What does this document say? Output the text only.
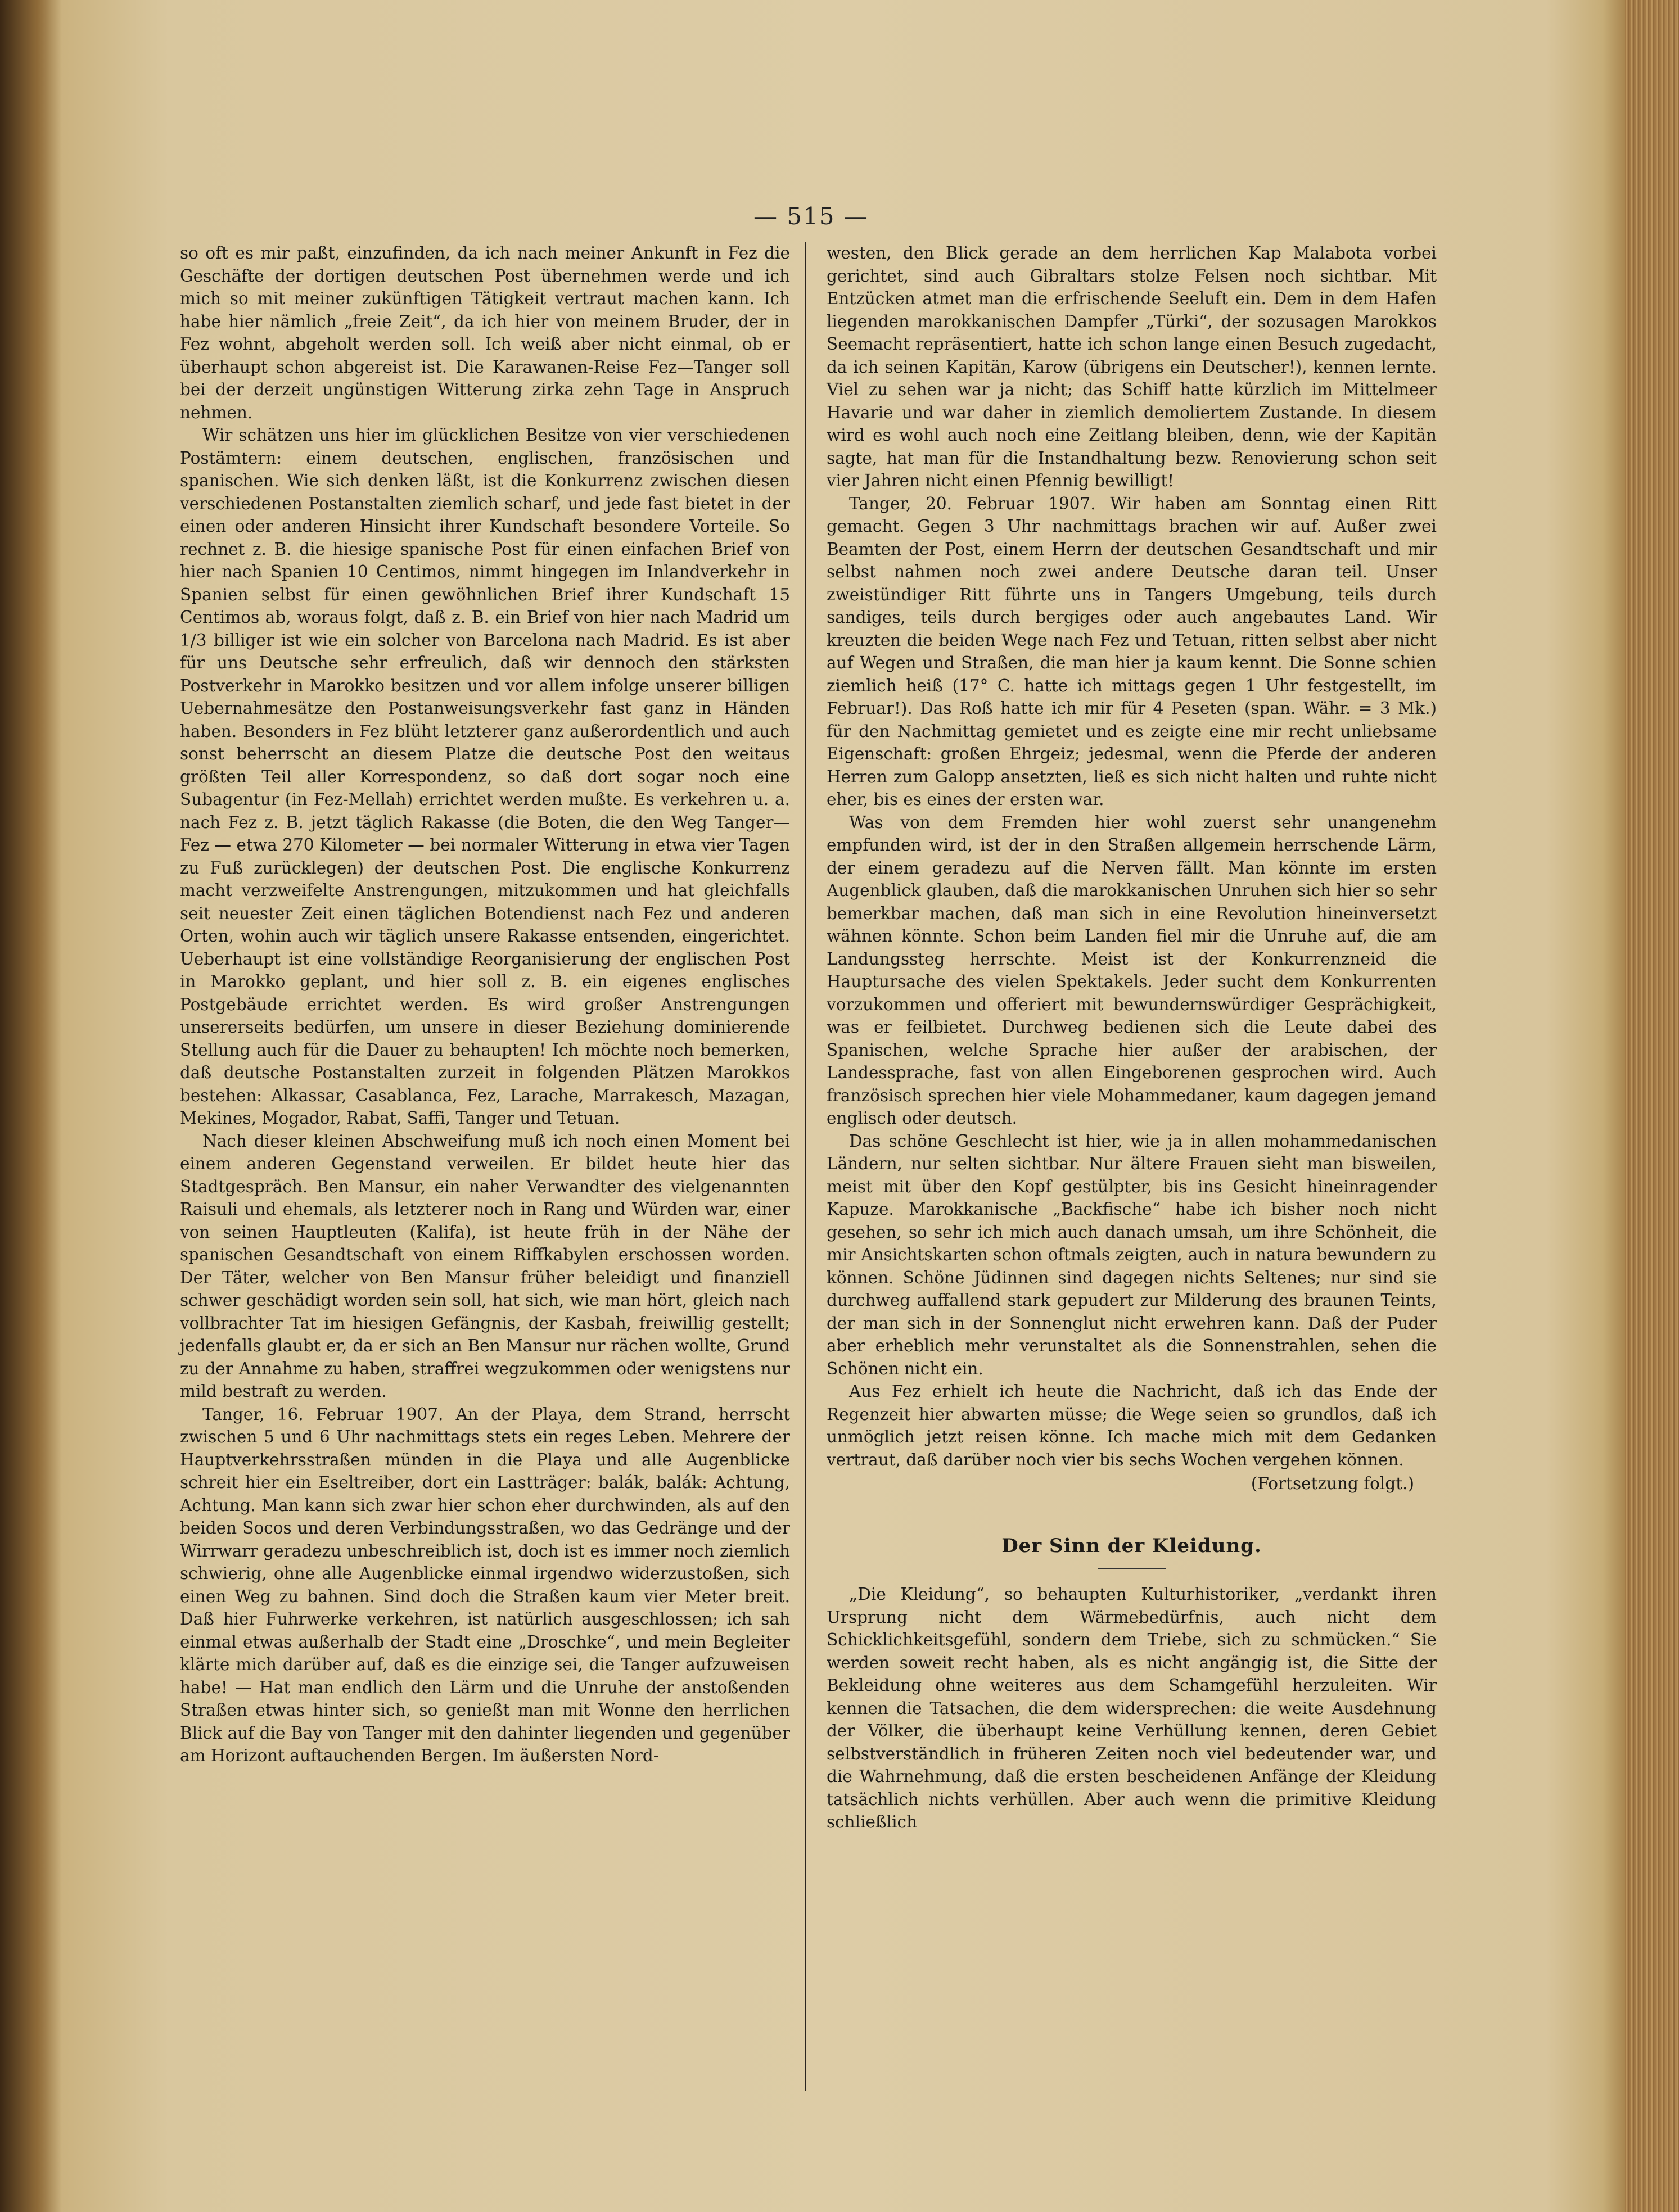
— 515 —

so oft es mir paßt, einzufinden, da ich nach meiner Ankunft in Fez die Geschäfte der dortigen deutschen Post übernehmen werde und ich mich so mit meiner zukünftigen Tätigkeit vertraut machen kann. Ich habe hier nämlich „freie Zeit“, da ich hier von meinem Bruder, der in Fez wohnt, abgeholt werden soll. Ich weiß aber nicht einmal, ob er überhaupt schon abgereist ist. Die Karawanen-Reise Fez—Tanger soll bei der derzeit ungünstigen Witterung zirka zehn Tage in Anspruch nehmen.

Wir schätzen uns hier im glücklichen Besitze von vier verschiedenen Postämtern: einem deutschen, englischen, französischen und spanischen. Wie sich denken läßt, ist die Konkurrenz zwischen diesen verschiedenen Postanstalten ziemlich scharf, und jede fast bietet in der einen oder anderen Hinsicht ihrer Kundschaft besondere Vorteile. So rechnet z. B. die hiesige spanische Post für einen einfachen Brief von hier nach Spanien 10 Centimos, nimmt hingegen im Inlandverkehr in Spanien selbst für einen gewöhnlichen Brief ihrer Kundschaft 15 Centimos ab, woraus folgt, daß z. B. ein Brief von hier nach Madrid um 1/3 billiger ist wie ein solcher von Barcelona nach Madrid. Es ist aber für uns Deutsche sehr erfreulich, daß wir dennoch den stärksten Postverkehr in Marokko besitzen und vor allem infolge unserer billigen Uebernahmesätze den Postanweisungsverkehr fast ganz in Händen haben. Besonders in Fez blüht letzterer ganz außerordentlich und auch sonst beherrscht an diesem Platze die deutsche Post den weitaus größten Teil aller Korrespondenz, so daß dort sogar noch eine Subagentur (in Fez-Mellah) errichtet werden mußte. Es verkehren u. a. nach Fez z. B. jetzt täglich Rakasse (die Boten, die den Weg Tanger—Fez — etwa 270 Kilometer — bei normaler Witterung in etwa vier Tagen zu Fuß zurücklegen) der deutschen Post. Die englische Konkurrenz macht verzweifelte Anstrengungen, mitzukommen und hat gleichfalls seit neuester Zeit einen täglichen Botendienst nach Fez und anderen Orten, wohin auch wir täglich unsere Rakasse entsenden, eingerichtet. Ueberhaupt ist eine vollständige Reorganisierung der englischen Post in Marokko geplant, und hier soll z. B. ein eigenes englisches Postgebäude errichtet werden. Es wird großer Anstrengungen unsererseits bedürfen, um unsere in dieser Beziehung dominierende Stellung auch für die Dauer zu behaupten! Ich möchte noch bemerken, daß deutsche Postanstalten zurzeit in folgenden Plätzen Marokkos bestehen: Alkassar, Casablanca, Fez, Larache, Marrakesch, Mazagan, Mekines, Mogador, Rabat, Saffi, Tanger und Tetuan.

Nach dieser kleinen Abschweifung muß ich noch einen Moment bei einem anderen Gegenstand verweilen. Er bildet heute hier das Stadtgespräch. Ben Mansur, ein naher Verwandter des vielgenannten Raisuli und ehemals, als letzterer noch in Rang und Würden war, einer von seinen Hauptleuten (Kalifa), ist heute früh in der Nähe der spanischen Gesandtschaft von einem Riffkabylen erschossen worden. Der Täter, welcher von Ben Mansur früher beleidigt und finanziell schwer geschädigt worden sein soll, hat sich, wie man hört, gleich nach vollbrachter Tat im hiesigen Gefängnis, der Kasbah, freiwillig gestellt; jedenfalls glaubt er, da er sich an Ben Mansur nur rächen wollte, Grund zu der Annahme zu haben, straffrei wegzukommen oder wenigstens nur mild bestraft zu werden.

Tanger, 16. Februar 1907. An der Playa, dem Strand, herrscht zwischen 5 und 6 Uhr nachmittags stets ein reges Leben. Mehrere der Hauptverkehrsstraßen münden in die Playa und alle Augenblicke schreit hier ein Eseltreiber, dort ein Lastträger: balák, balák: Achtung, Achtung. Man kann sich zwar hier schon eher durchwinden, als auf den beiden Socos und deren Verbindungsstraßen, wo das Gedränge und der Wirrwarr geradezu unbeschreiblich ist, doch ist es immer noch ziemlich schwierig, ohne alle Augenblicke einmal irgendwo widerzustoßen, sich einen Weg zu bahnen. Sind doch die Straßen kaum vier Meter breit. Daß hier Fuhrwerke verkehren, ist natürlich ausgeschlossen; ich sah einmal etwas außerhalb der Stadt eine „Droschke“, und mein Begleiter klärte mich darüber auf, daß es die einzige sei, die Tanger aufzuweisen habe! — Hat man endlich den Lärm und die Unruhe der anstoßenden Straßen etwas hinter sich, so genießt man mit Wonne den herrlichen Blick auf die Bay von Tanger mit den dahinter liegenden und gegenüber am Horizont auftauchenden Bergen. Im äußersten Nord-

westen, den Blick gerade an dem herrlichen Kap Malabota vorbei gerichtet, sind auch Gibraltars stolze Felsen noch sichtbar. Mit Entzücken atmet man die erfrischende Seeluft ein. Dem in dem Hafen liegenden marokkanischen Dampfer „Türki“, der sozusagen Marokkos Seemacht repräsentiert, hatte ich schon lange einen Besuch zugedacht, da ich seinen Kapitän, Karow (übrigens ein Deutscher!), kennen lernte. Viel zu sehen war ja nicht; das Schiff hatte kürzlich im Mittelmeer Havarie und war daher in ziemlich demoliertem Zustande. In diesem wird es wohl auch noch eine Zeitlang bleiben, denn, wie der Kapitän sagte, hat man für die Instandhaltung bezw. Renovierung schon seit vier Jahren nicht einen Pfennig bewilligt!

Tanger, 20. Februar 1907. Wir haben am Sonntag einen Ritt gemacht. Gegen 3 Uhr nachmittags brachen wir auf. Außer zwei Beamten der Post, einem Herrn der deutschen Gesandtschaft und mir selbst nahmen noch zwei andere Deutsche daran teil. Unser zweistündiger Ritt führte uns in Tangers Umgebung, teils durch sandiges, teils durch bergiges oder auch angebautes Land. Wir kreuzten die beiden Wege nach Fez und Tetuan, ritten selbst aber nicht auf Wegen und Straßen, die man hier ja kaum kennt. Die Sonne schien ziemlich heiß (17° C. hatte ich mittags gegen 1 Uhr festgestellt, im Februar!). Das Roß hatte ich mir für 4 Peseten (span. Währ. = 3 Mk.) für den Nachmittag gemietet und es zeigte eine mir recht unliebsame Eigenschaft: großen Ehrgeiz; jedesmal, wenn die Pferde der anderen Herren zum Galopp ansetzten, ließ es sich nicht halten und ruhte nicht eher, bis es eines der ersten war.

Was von dem Fremden hier wohl zuerst sehr unangenehm empfunden wird, ist der in den Straßen allgemein herrschende Lärm, der einem geradezu auf die Nerven fällt. Man könnte im ersten Augenblick glauben, daß die marokkanischen Unruhen sich hier so sehr bemerkbar machen, daß man sich in eine Revolution hineinversetzt wähnen könnte. Schon beim Landen fiel mir die Unruhe auf, die am Landungssteg herrschte. Meist ist der Konkurrenzneid die Hauptursache des vielen Spektakels. Jeder sucht dem Konkurrenten vorzukommen und offeriert mit bewundernswürdiger Gesprächigkeit, was er feilbietet. Durchweg bedienen sich die Leute dabei des Spanischen, welche Sprache hier außer der arabischen, der Landessprache, fast von allen Eingeborenen gesprochen wird. Auch französisch sprechen hier viele Mohammedaner, kaum dagegen jemand englisch oder deutsch.

Das schöne Geschlecht ist hier, wie ja in allen mohammedanischen Ländern, nur selten sichtbar. Nur ältere Frauen sieht man bisweilen, meist mit über den Kopf gestülpter, bis ins Gesicht hineinragender Kapuze. Marokkanische „Backfische“ habe ich bisher noch nicht gesehen, so sehr ich mich auch danach umsah, um ihre Schönheit, die mir Ansichtskarten schon oftmals zeigten, auch in natura bewundern zu können. Schöne Jüdinnen sind dagegen nichts Seltenes; nur sind sie durchweg auffallend stark gepudert zur Milderung des braunen Teints, der man sich in der Sonnenglut nicht erwehren kann. Daß der Puder aber erheblich mehr verunstaltet als die Sonnenstrahlen, sehen die Schönen nicht ein.

Aus Fez erhielt ich heute die Nachricht, daß ich das Ende der Regenzeit hier abwarten müsse; die Wege seien so grundlos, daß ich unmöglich jetzt reisen könne. Ich mache mich mit dem Gedanken vertraut, daß darüber noch vier bis sechs Wochen vergehen können.

(Fortsetzung folgt.)
Der Sinn der Kleidung.

„Die Kleidung“, so behaupten Kulturhistoriker, „verdankt ihren Ursprung nicht dem Wärmebedürfnis, auch nicht dem Schicklichkeitsgefühl, sondern dem Triebe, sich zu schmücken.“ Sie werden soweit recht haben, als es nicht angängig ist, die Sitte der Bekleidung ohne weiteres aus dem Schamgefühl herzuleiten. Wir kennen die Tatsachen, die dem widersprechen: die weite Ausdehnung der Völker, die überhaupt keine Verhüllung kennen, deren Gebiet selbstverständlich in früheren Zeiten noch viel bedeutender war, und die Wahrnehmung, daß die ersten bescheidenen Anfänge der Kleidung tatsächlich nichts verhüllen. Aber auch wenn die primitive Kleidung schließlich
